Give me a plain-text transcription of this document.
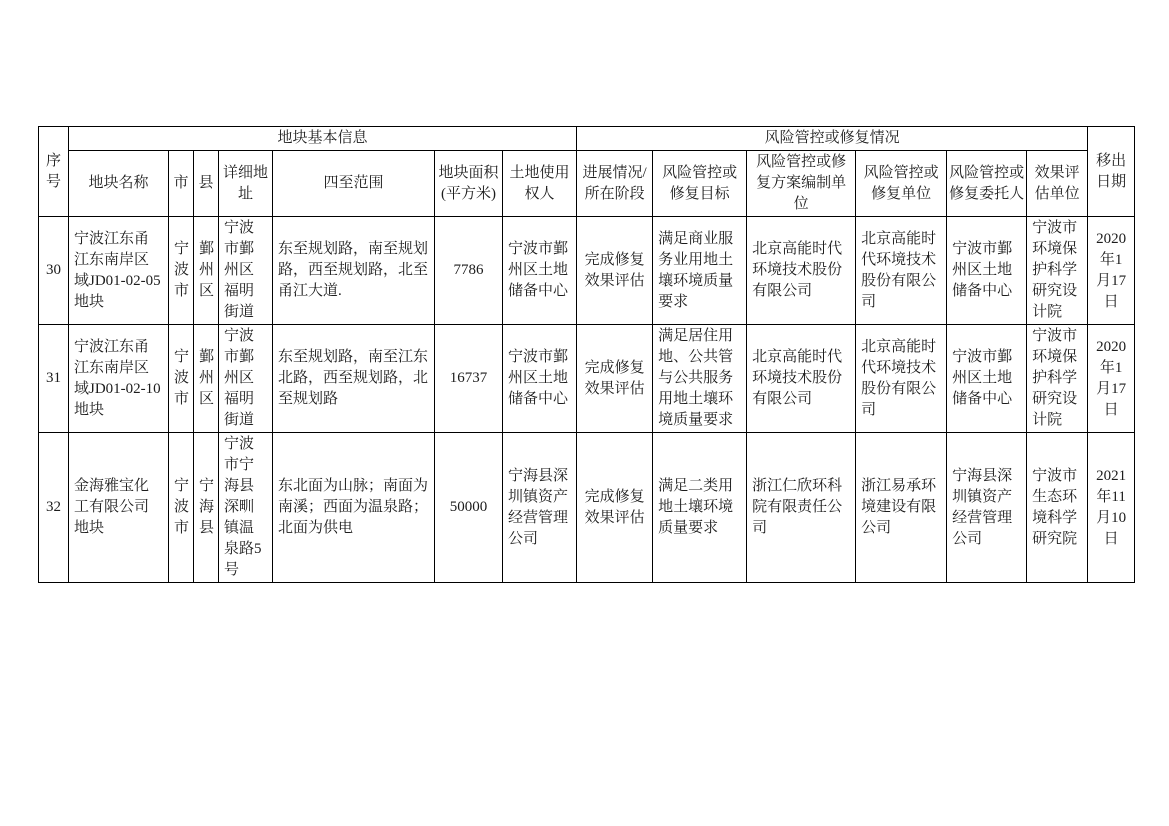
序号	地块基本信息							风险管控或修复情况						移出日期
	地块名称	市	县	详细地址	四至范围	地块面积(平方米)	土地使用权人	进展情况/所在阶段	风险管控或修复目标	风险管控或修复方案编制单位	风险管控或修复单位	风险管控或修复委托人	效果评估单位	
30	宁波江东甬江东南岸区域JD01-02-05地块	宁波市	鄞州区	宁波市鄞州区福明街道	东至规划路，南至规划路，西至规划路，北至甬江大道.	7786	宁波市鄞州区土地储备中心	完成修复效果评估	满足商业服务业用地土壤环境质量要求	北京高能时代环境技术股份有限公司	北京高能时代环境技术股份有限公司	宁波市鄞州区土地储备中心	宁波市环境保护科学研究设计院	2020年1月17日
31	宁波江东甬江东南岸区域JD01-02-10地块	宁波市	鄞州区	宁波市鄞州区福明街道	东至规划路，南至江东北路，西至规划路，北至规划路	16737	宁波市鄞州区土地储备中心	完成修复效果评估	满足居住用地、公共管与公共服务用地土壤环境质量要求	北京高能时代环境技术股份有限公司	北京高能时代环境技术股份有限公司	宁波市鄞州区土地储备中心	宁波市环境保护科学研究设计院	2020年1月17日
32	金海雅宝化工有限公司地块	宁波市	宁海县	宁波市宁海县深甽镇温泉路5号	东北面为山脉；南面为南溪；西面为温泉路；北面为供电	50000	宁海县深圳镇资产经营管理公司	完成修复效果评估	满足二类用地土壤环境质量要求	浙江仁欣环科院有限责任公司	浙江易承环境建设有限公司	宁海县深圳镇资产经营管理公司	宁波市生态环境科学研究院	2021年11月10日
